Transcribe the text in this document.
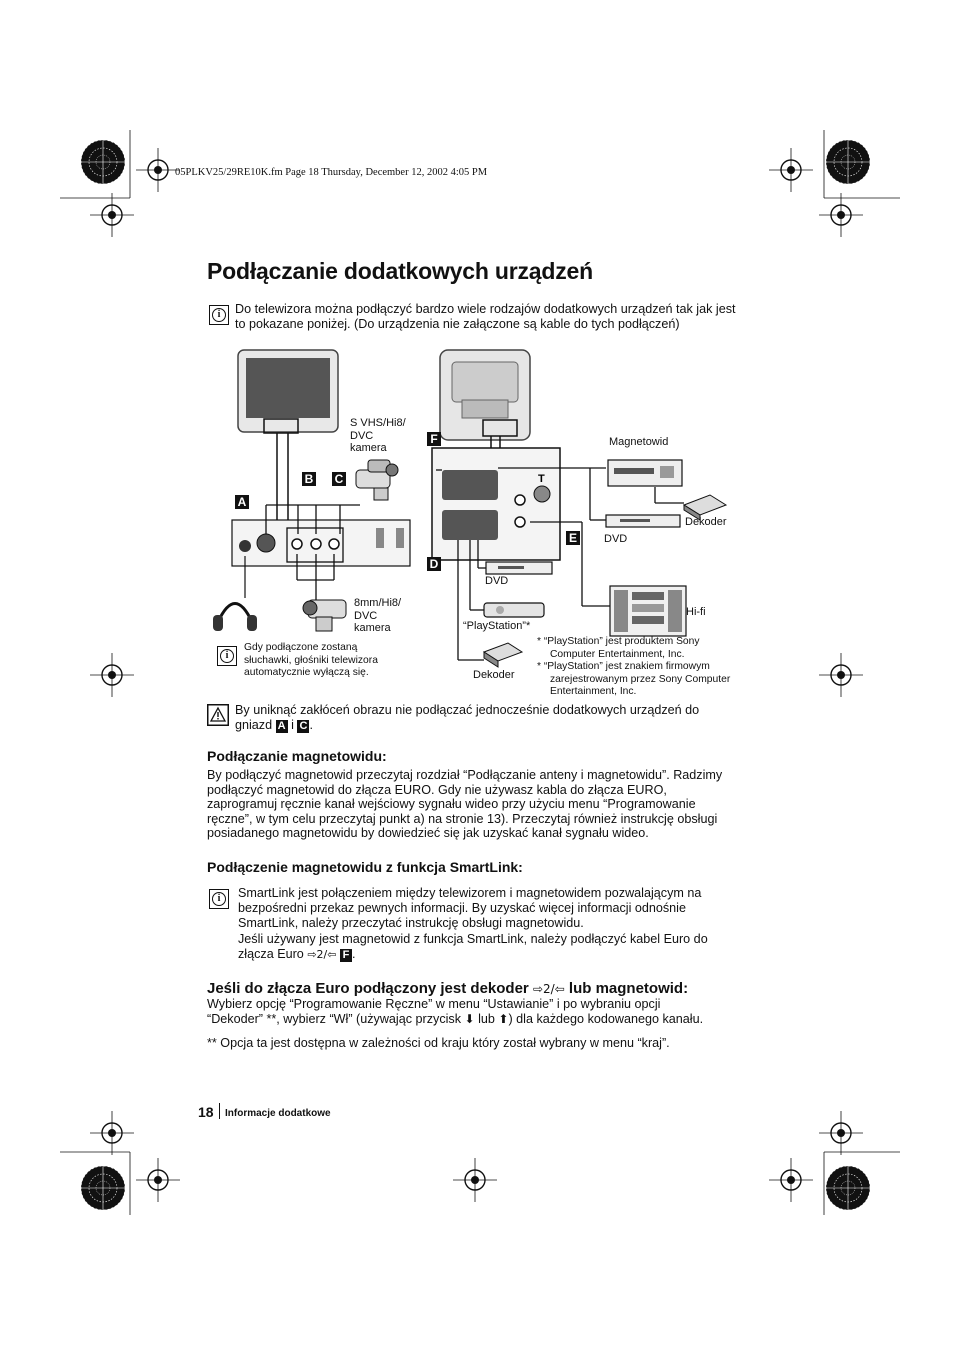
05PLKV25/29RE10K.fm Page 18 Thursday, December 12, 2002 4:05 PM
Podłączanie dodatkowych urządzeń
i	Do telewizora można podłączyć bardzo wiele rodzajów dodatkowych urządzeń tak jak jest
to pokazane poniżej. (Do urządzenia nie załączone są kable do tych podłączeń)
T
A
B C
F
D
E
S VHS/Hi8/
DVC
kamera
8mm/Hi8/
DVC
kamera
Magnetowid
Dekoder
DVD
DVD
“PlayStation”*
Hi-fi
Dekoder
i
Gdy podłączone zostaną
słuchawki, głośniki telewizora
automatycznie wyłączą się.
* “PlayStation” jest produktem Sony
Computer Entertainment, Inc.
* “PlayStation” jest znakiem firmowym
zarejestrowanym przez Sony Computer
Entertainment, Inc.
By uniknąć zakłóceń obrazu nie podłączać jednocześnie dodatkowych urządzeń do
gniazd A i C .
Podłączanie magnetowidu:
By podłączyć magnetowid przeczytaj rozdział “Podłączanie anteny i magnetowidu”. Radzimy
podłączyć magnetowid do złącza EURO. Gdy nie używasz kabla do złącza EURO,
zaprogramuj ręcznie kanał wejściowy sygnału wideo przy użyciu menu “Programowanie
ręczne”, w tym celu przeczytaj punkt a) na stronie 13). Przeczytaj również instrukcję obsługi
posiadanego magnetowidu by dowiedzieć się jak uzyskać kanał sygnału wideo.
Podłączenie magnetowidu z funkcja SmartLink:
i	SmartLink jest połączeniem między telewizorem i magnetowidem pozwalającym na
bezpośredni przekaz pewnych informacji. By uzyskać więcej informacji odnośnie
SmartLink, należy przeczytać instrukcję obsługi magnetowidu.
Jeśli używany jest magnetowid z funkcja SmartLink, należy podłączyć kabel Euro do
złącza Euro ⇨2/⇦ F .
Jeśli do złącza Euro podłączony jest dekoder ⇨2/⇦ lub magnetowid:
Wybierz opcję “Programowanie Ręczne” w menu “Ustawianie” i po wybraniu opcji
“Dekoder” **, wybierz “Wł” (używając przycisk ⬇ lub ⬆) dla każdego kodowanego kanału.
** Opcja ta jest dostępna w zależności od kraju który został wybrany w menu “kraj”.
18 Informacje dodatkowe
